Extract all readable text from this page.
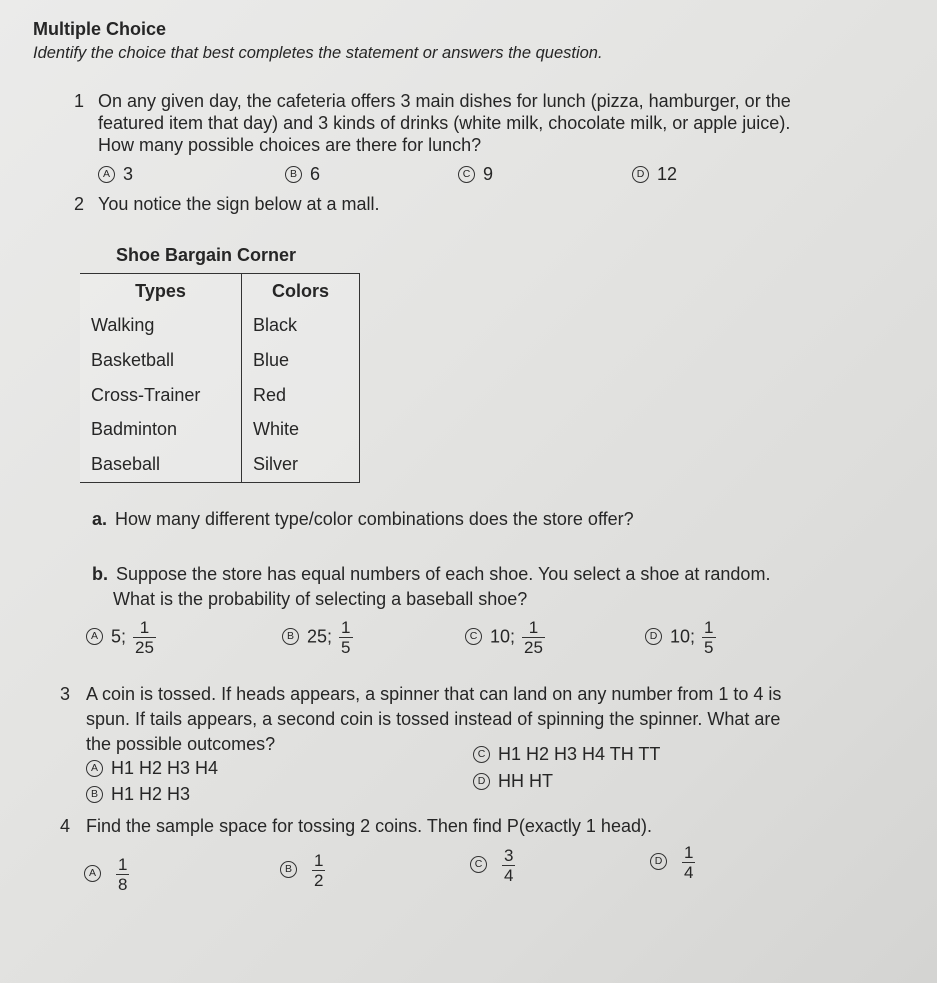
Multiple Choice
Identify the choice that best completes the statement or answers the question.
1 On any given day, the cafeteria offers 3 main dishes for lunch (pizza, hamburger, or the
featured item that day) and 3 kinds of drinks (white milk, chocolate milk, or apple juice).
How many possible choices are there for lunch?
A 3	B 6	C 9	D 12
2 You notice the sign below at a mall.
Shoe Bargain Corner
Types	Colors
Walking	Black
Basketball	Blue
Cross-Trainer	Red
Badminton	White
Baseball	Silver
a. How many different type/color combinations does the store offer?
b. Suppose the store has equal numbers of each shoe. You select a shoe at random.
What is the probability of selecting a baseball shoe?
A 5; $\frac{1}{25}$	B 25; $\frac{1}{5}$	C 10; $\frac{1}{25}$	D 10; $\frac{1}{5}$
3 A coin is tossed. If heads appears, a spinner that can land on any number from 1 to 4 is
spun. If tails appears, a second coin is tossed instead of spinning the spinner. What are
the possible outcomes?
A H1 H2 H3 H4
B H1 H2 H3
C H1 H2 H3 H4 TH TT
D HH HT
4 Find the sample space for tossing 2 coins. Then find P(exactly 1 head).
A $\frac{1}{8}$	B $\frac{1}{2}$	C $\frac{3}{4}$	D $\frac{1}{4}$
